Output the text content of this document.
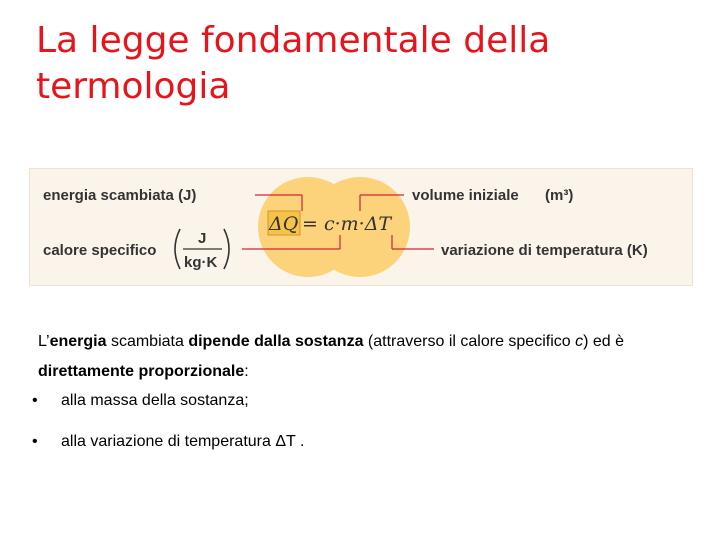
La legge fondamentale della
termologia
ΔQ = c·m·ΔT
energia scambiata (J)
calore specifico
J
kg·K
volume iniziale (m³)
variazione di temperatura (K)
L’energia scambiata dipende dalla sostanza (attraverso il calore specifico c) ed è direttamente proporzionale:
• alla massa della sostanza;
• alla variazione di temperatura ΔT .
